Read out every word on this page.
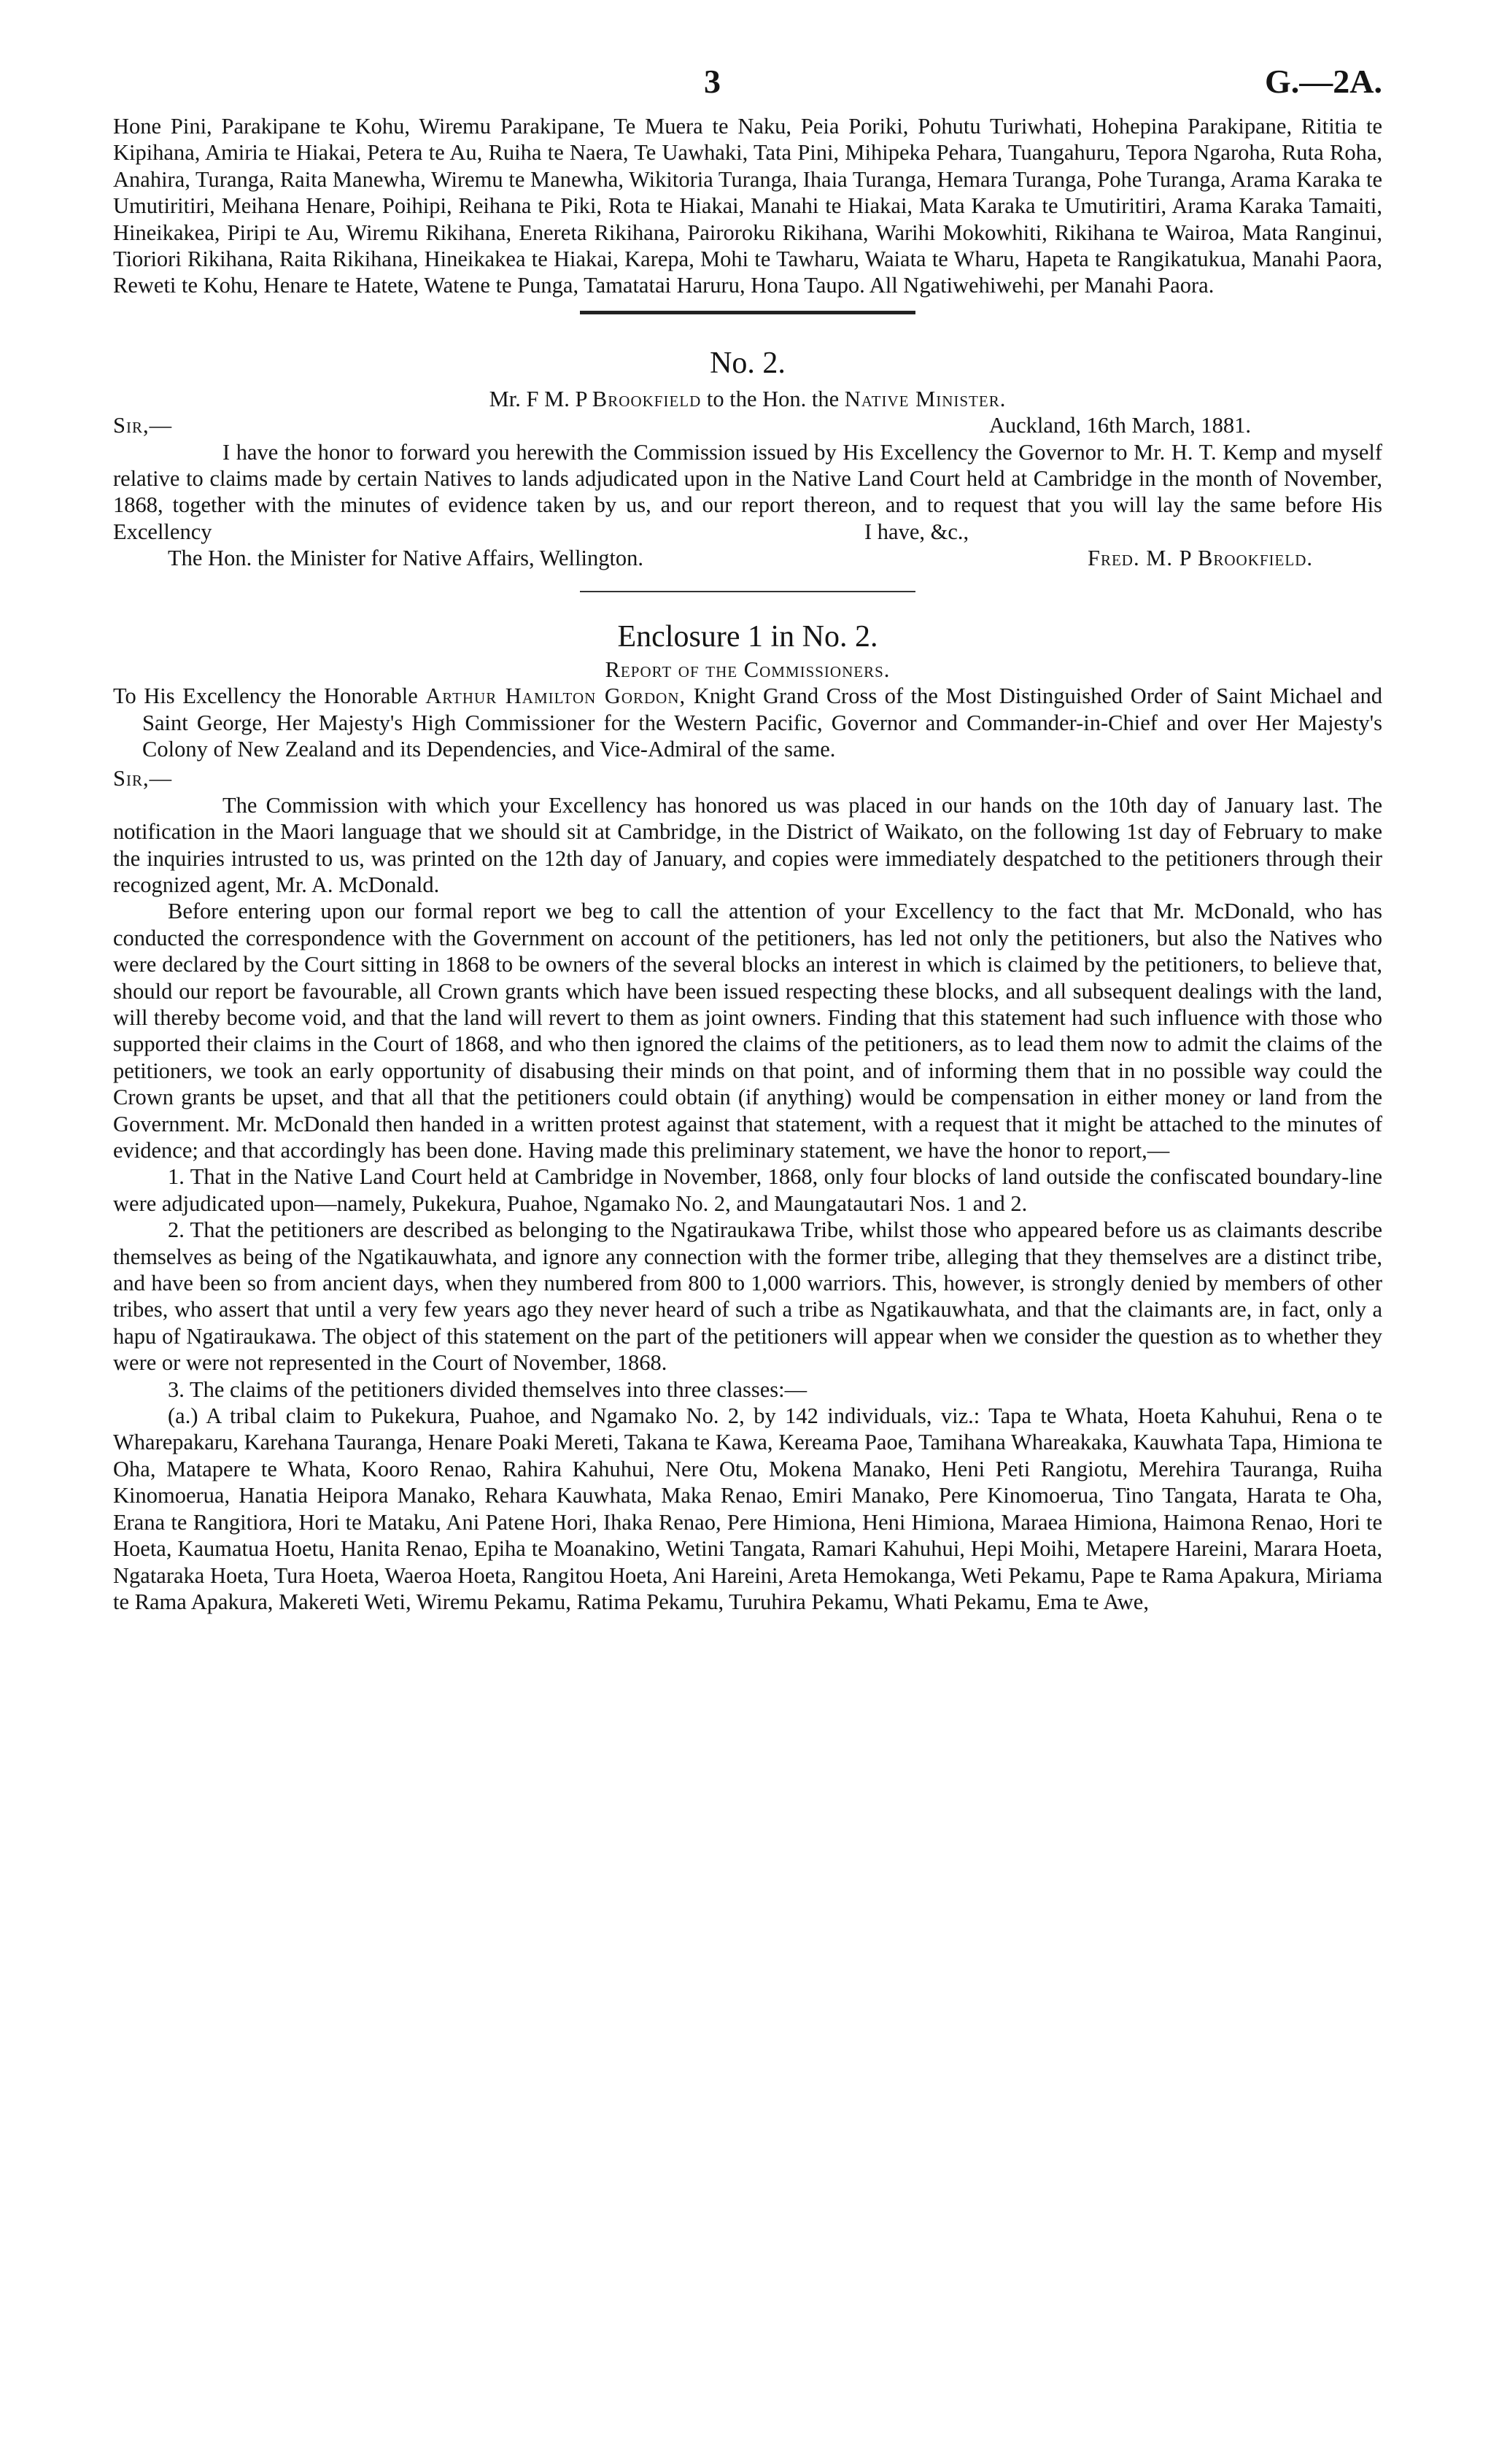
3	G.—2A.

Hone Pini, Parakipane te Kohu, Wiremu Parakipane, Te Muera te Naku, Peia Poriki, Pohutu Turiwhati, Hohepina Parakipane, Rititia te Kipihana, Amiria te Hiakai, Petera te Au, Ruiha te Naera, Te Uawhaki, Tata Pini, Mihipeka Pehara, Tuangahuru, Tepora Ngaroha, Ruta Roha, Anahira, Turanga, Raita Manewha, Wiremu te Manewha, Wikitoria Turanga, Ihaia Turanga, Hemara Turanga, Pohe Turanga, Arama Karaka te Umutiritiri, Meihana Henare, Poihipi, Reihana te Piki, Rota te Hiakai, Manahi te Hiakai, Mata Karaka te Umutiritiri, Arama Karaka Tamaiti, Hineikakea, Piripi te Au, Wiremu Rikihana, Enereta Rikihana, Pairoroku Rikihana, Warihi Mokowhiti, Rikihana te Wairoa, Mata Ranginui, Tioriori Rikihana, Raita Rikihana, Hineikakea te Hiakai, Karepa, Mohi te Tawharu, Waiata te Wharu, Hapeta te Rangikatukua, Manahi Paora, Reweti te Kohu, Henare te Hatete, Watene te Punga, Tamatatai Haruru, Hona Taupo. All Ngatiwehiwehi, per Manahi Paora.

No. 2.

Mr. F M. P Brookfield to the Hon. the Native Minister.

Sir,—	Auckland, 16th March, 1881.

I have the honor to forward you herewith the Commission issued by His Excellency the Governor to Mr. H. T. Kemp and myself relative to claims made by certain Natives to lands adjudicated upon in the Native Land Court held at Cambridge in the month of November, 1868, together with the minutes of evidence taken by us, and our report thereon, and to request that you will lay the same before His Excellency	I have, &c.,
The Hon. the Minister for Native Affairs, Wellington.	Fred. M. P Brookfield.
Enclosure 1 in No. 2.

Report of the Commissioners.

To His Excellency the Honorable Arthur Hamilton Gordon, Knight Grand Cross of the Most Distinguished Order of Saint Michael and Saint George, Her Majesty's High Commissioner for the Western Pacific, Governor and Commander-in-Chief and over Her Majesty's Colony of New Zealand and its Dependencies, and Vice-Admiral of the same.

Sir,—

The Commission with which your Excellency has honored us was placed in our hands on the 10th day of January last. The notification in the Maori language that we should sit at Cambridge, in the District of Waikato, on the following 1st day of February to make the inquiries intrusted to us, was printed on the 12th day of January, and copies were immediately despatched to the petitioners through their recognized agent, Mr. A. McDonald.

Before entering upon our formal report we beg to call the attention of your Excellency to the fact that Mr. McDonald, who has conducted the correspondence with the Government on account of the petitioners, has led not only the petitioners, but also the Natives who were declared by the Court sitting in 1868 to be owners of the several blocks an interest in which is claimed by the petitioners, to believe that, should our report be favourable, all Crown grants which have been issued respecting these blocks, and all subsequent dealings with the land, will thereby become void, and that the land will revert to them as joint owners. Finding that this statement had such influence with those who supported their claims in the Court of 1868, and who then ignored the claims of the petitioners, as to lead them now to admit the claims of the petitioners, we took an early opportunity of disabusing their minds on that point, and of informing them that in no possible way could the Crown grants be upset, and that all that the petitioners could obtain (if anything) would be compensation in either money or land from the Government. Mr. McDonald then handed in a written protest against that statement, with a request that it might be attached to the minutes of evidence; and that accordingly has been done. Having made this preliminary statement, we have the honor to report,—

1. That in the Native Land Court held at Cambridge in November, 1868, only four blocks of land outside the confiscated boundary-line were adjudicated upon—namely, Pukekura, Puahoe, Ngamako No. 2, and Maungatautari Nos. 1 and 2.

2. That the petitioners are described as belonging to the Ngatiraukawa Tribe, whilst those who appeared before us as claimants describe themselves as being of the Ngatikauwhata, and ignore any connection with the former tribe, alleging that they themselves are a distinct tribe, and have been so from ancient days, when they numbered from 800 to 1,000 warriors. This, however, is strongly denied by members of other tribes, who assert that until a very few years ago they never heard of such a tribe as Ngatikauwhata, and that the claimants are, in fact, only a hapu of Ngatiraukawa. The object of this statement on the part of the petitioners will appear when we consider the question as to whether they were or were not represented in the Court of November, 1868.

3. The claims of the petitioners divided themselves into three classes:—

(a.) A tribal claim to Pukekura, Puahoe, and Ngamako No. 2, by 142 individuals, viz.: Tapa te Whata, Hoeta Kahuhui, Rena o te Wharepakaru, Karehana Tauranga, Henare Poaki Mereti, Takana te Kawa, Kereama Paoe, Tamihana Whareakaka, Kauwhata Tapa, Himiona te Oha, Matapere te Whata, Kooro Renao, Rahira Kahuhui, Nere Otu, Mokena Manako, Heni Peti Rangiotu, Merehira Tauranga, Ruiha Kinomoerua, Hanatia Heipora Manako, Rehara Kauwhata, Maka Renao, Emiri Manako, Pere Kinomoerua, Tino Tangata, Harata te Oha, Erana te Rangitiora, Hori te Mataku, Ani Patene Hori, Ihaka Renao, Pere Himiona, Heni Himiona, Maraea Himiona, Haimona Renao, Hori te Hoeta, Kaumatua Hoetu, Hanita Renao, Epiha te Moanakino, Wetini Tangata, Ramari Kahuhui, Hepi Moihi, Metapere Hareini, Marara Hoeta, Ngataraka Hoeta, Tura Hoeta, Waeroa Hoeta, Rangitou Hoeta, Ani Hareini, Areta Hemokanga, Weti Pekamu, Pape te Rama Apakura, Miriama te Rama Apakura, Makereti Weti, Wiremu Pekamu, Ratima Pekamu, Turuhira Pekamu, Whati Pekamu, Ema te Awe,
